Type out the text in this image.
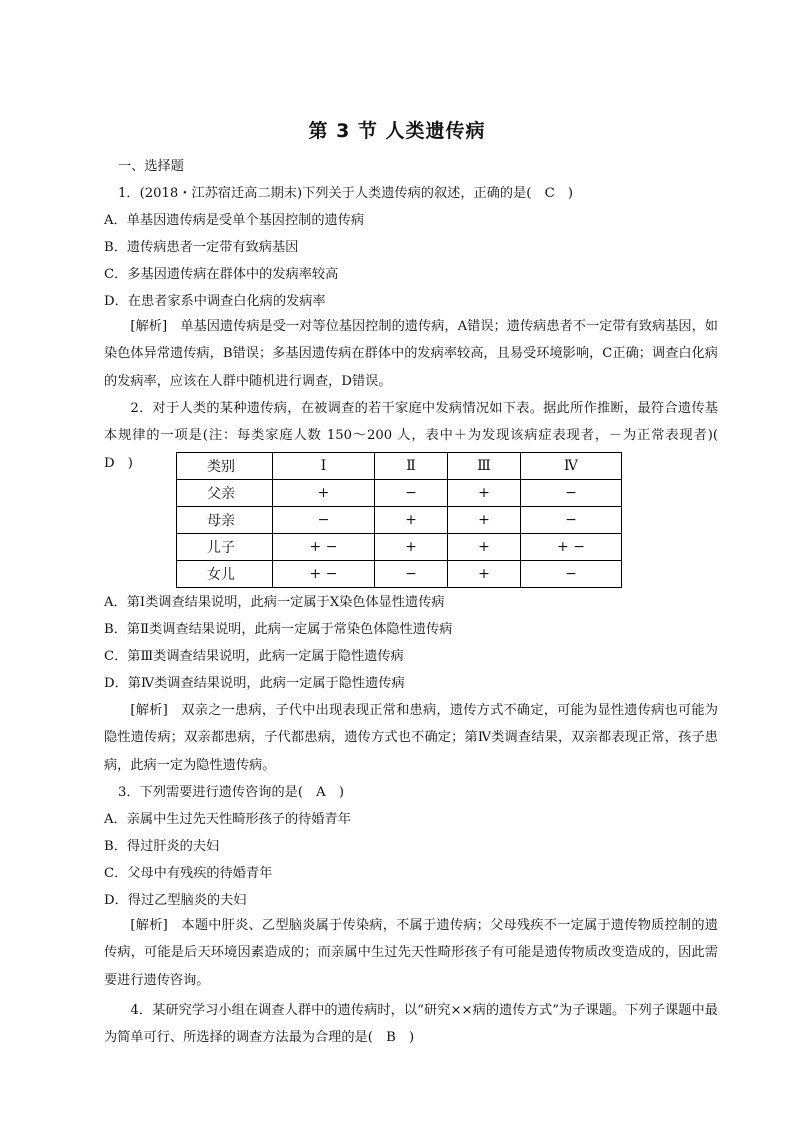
第 3 节 人类遗传病
一、选择题
1．(2018・江苏宿迁高二期末)下列关于人类遗传病的叙述，正确的是(　C　)
A．单基因遗传病是受单个基因控制的遗传病
B．遗传病患者一定带有致病基因
C．多基因遗传病在群体中的发病率较高
D．在患者家系中调查白化病的发病率
[解析]　单基因遗传病是受一对等位基因控制的遗传病，A错误；遗传病患者不一定带有致病基因，如染色体异常遗传病，B错误；多基因遗传病在群体中的发病率较高，且易受环境影响，C正确；调查白化病的发病率，应该在人群中随机进行调查，D错误。
2．对于人类的某种遗传病，在被调查的若干家庭中发病情况如下表。据此所作推断，最符合遗传基本规律的一项是(注：每类家庭人数 150～200 人，表中＋为发现该病症表现者，－为正常表现者)(　D　)	类别	Ⅰ	Ⅱ	Ⅲ	Ⅳ
父亲	+	−	+	−
母亲	−	+	+	−
儿子	+ −	+	+	+ −
女儿	+ −	−	+	−
A．第Ⅰ类调查结果说明，此病一定属于X染色体显性遗传病
B．第Ⅱ类调查结果说明，此病一定属于常染色体隐性遗传病
C．第Ⅲ类调查结果说明，此病一定属于隐性遗传病
D．第Ⅳ类调查结果说明，此病一定属于隐性遗传病
[解析]　双亲之一患病，子代中出现表现正常和患病，遗传方式不确定，可能为显性遗传病也可能为隐性遗传病；双亲都患病，子代都患病，遗传方式也不确定；第Ⅳ类调查结果，双亲都表现正常，孩子患病，此病一定为隐性遗传病。
3．下列需要进行遗传咨询的是(　A　)
A．亲属中生过先天性畸形孩子的待婚青年
B．得过肝炎的夫妇
C．父母中有残疾的待婚青年
D．得过乙型脑炎的夫妇
[解析]　本题中肝炎、乙型脑炎属于传染病，不属于遗传病；父母残疾不一定属于遗传物质控制的遗传病，可能是后天环境因素造成的；而亲属中生过先天性畸形孩子有可能是遗传物质改变造成的，因此需要进行遗传咨询。
4．某研究学习小组在调查人群中的遗传病时，以“研究××病的遗传方式”为子课题。下列子课题中最为简单可行、所选择的调查方法最为合理的是(　B　)
